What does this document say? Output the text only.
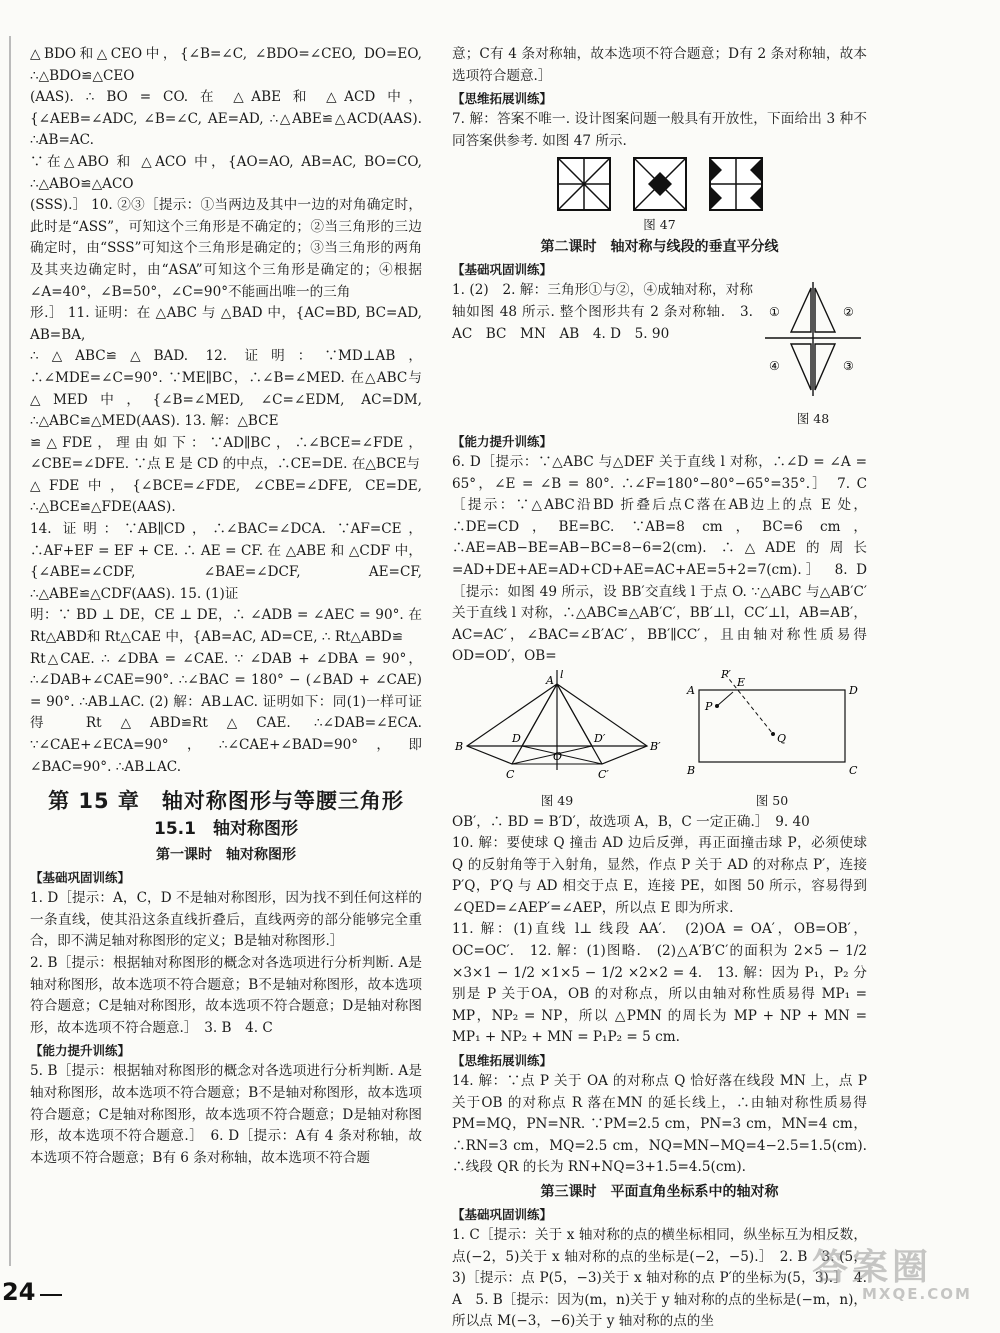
△BDO和△CEO中，{∠B=∠C, ∠BDO=∠CEO, DO=EO, ∴△BDO≌△CEO

(AAS). ∴ BO = CO. 在 △ABE 和 △ACD 中，{∠AEB=∠ADC, ∠B=∠C, AE=AD, ∴△ABE≌△ACD(AAS). ∴AB=AC.

∵在△ABO 和 △ACO 中，{AO=AO, AB=AC, BO=CO, ∴△ABO≌△ACO

(SSS).］ 10. ②③［提示：①当两边及其中一边的对角确定时，此时是“ASS”，可知这个三角形是不确定的；②当三角形的三边确定时，由“SSS”可知这个三角形是确定的；③当三角形的两角及其夹边确定时，由“ASA”可知这个三角形是确定的；④根据∠A=40°，∠B=50°，∠C=90°不能画出唯一的三角

形.］ 11. 证明：在 △ABC 与 △BAD 中，{AC=BD, BC=AD, AB=BA,

∴△ABC≌△BAD. 12. 证明：∵MD⊥AB，∴∠MDE=∠C=90°. ∵ME∥BC，∴∠B=∠MED. 在△ABC与△MED中，{∠B=∠MED, ∠C=∠EDM, AC=DM, ∴△ABC≌△MED(AAS). 13. 解：△BCE

≌△FDE，理由如下：∵AD∥BC，∴∠BCE=∠FDE，∠CBE=∠DFE. ∵点 E 是 CD 的中点，∴CE=DE. 在△BCE与

△FDE中，{∠BCE=∠FDE, ∠CBE=∠DFE, CE=DE, ∴△BCE≌△FDE(AAS).

14. 证明：∵AB∥CD，∴∠BAC=∠DCA. ∵AF=CE，∴AF+EF = EF + CE. ∴ AE = CF. 在 △ABE 和 △CDF 中，{∠ABE=∠CDF, ∠BAE=∠DCF, AE=CF, ∴△ABE≌△CDF(AAS). 15. (1)证

明：∵ BD ⊥ DE，CE ⊥ DE，∴ ∠ADB = ∠AEC = 90°. 在 Rt△ABD和 Rt△CAE 中，{AB=AC, AD=CE, ∴ Rt△ABD≌

Rt△CAE. ∴ ∠DBA = ∠CAE. ∵ ∠DAB + ∠DBA = 90°，∴∠DAB+∠CAE=90°. ∴∠BAC = 180° − (∠BAD + ∠CAE) = 90°. ∴AB⊥AC. (2) 解：AB⊥AC. 证明如下：同(1)一样可证得 Rt△ABD≌Rt△CAE. ∴∠DAB=∠ECA. ∵∠CAE+∠ECA=90°，∴∠CAE+∠BAD=90°，即∠BAC=90°. ∴AB⊥AC.

第 15 章　轴对称图形与等腰三角形
15.1　轴对称图形
第一课时　轴对称图形
【基础巩固训练】

1. D［提示：A，C，D 不是轴对称图形，因为找不到任何这样的一条直线，使其沿这条直线折叠后，直线两旁的部分能够完全重合，即不满足轴对称图形的定义；B是轴对称图形.］

2. B［提示：根据轴对称图形的概念对各选项进行分析判断. A是轴对称图形，故本选项不符合题意；B不是轴对称图形，故本选项符合题意；C是轴对称图形，故本选项不符合题意；D是轴对称图形，故本选项不符合题意.］　3. B　4. C

【能力提升训练】

5. B［提示：根据轴对称图形的概念对各选项进行分析判断. A是轴对称图形，故本选项不符合题意；B不是轴对称图形，故本选项符合题意；C是轴对称图形，故本选项不符合题意；D是轴对称图形，故本选项不符合题意.］　6. D［提示：A有 4 条对称轴，故本选项不符合题意；B有 6 条对称轴，故本选项不符合题

意；C有 4 条对称轴，故本选项不符合题意；D有 2 条对称轴，故本选项符合题意.］

【思维拓展训练】

7. 解：答案不唯一. 设计图案问题一般具有开放性，下面给出 3 种不同答案供参考. 如图 47 所示.

图 47
第二课时　轴对称与线段的垂直平分线
【基础巩固训练】

1. (2)　2. 解：三角形①与②，④成轴对称，对称轴如图 48 所示. 整个图形共有 2 条对称轴.　3. AC　BC　MN　AB　4. D　5. 90

①	②
④	③
图 48
【能力提升训练】

6. D［提示：∵△ABC 与△DEF 关于直线 l 对称，∴∠D = ∠A = 65°，∠E = ∠B = 80°. ∴∠F=180°−80°−65°=35°.］　7. C［提示：∵△ABC沿BD 折叠后点C落在AB边上的点 E 处，∴DE=CD，BE=BC. ∵AB=8 cm，BC=6 cm，∴AE=AB−BE=AB−BC=8−6=2(cm). ∴△ADE的周长=AD+DE+AE=AD+CD+AE=AC+AE=5+2=7(cm).］　8. D［提示：如图 49 所示，设 BB′交直线 l 于点 O. ∵△ABC 与△AB′C′关于直线 l 对称，∴△ABC≌△AB′C′，BB′⊥l，CC′⊥l，AB=AB′，AC=AC′，∠BAC=∠B′AC′，BB′∥CC′，且由轴对称性质易得 OD=OD′，OB=

l
A
B	B′
C	C′
D	D′
O
图 49
P′
E
A	D
P
Q
B	C
图 50

OB′，∴ BD = B′D′，故选项 A，B，C 一定正确.］　9. 40

10. 解：要使球 Q 撞击 AD 边后反弹，再正面撞击球 P，必须使球 Q 的反射角等于入射角，显然，作点 P 关于 AD 的对称点 P′，连接 P′Q，P′Q 与 AD 相交于点 E，连接 PE，如图 50 所示，容易得到∠QED=∠AEP′=∠AEP，所以点 E 即为所求.

11. 解：(1)直线 l⊥ 线段 AA′.　(2)OA = OA′，OB=OB′，OC=OC′.　12. 解：(1)图略.　(2)△A′B′C′的面积为 2×5 − 1/2 ×3×1 − 1/2 ×1×5 − 1/2 ×2×2 = 4.　13. 解：因为 P₁，P₂ 分别是 P 关于OA，OB 的对称点，所以由轴对称性质易得 MP₁ = MP，NP₂ = NP，所以 △PMN 的周长为 MP + NP + MN = MP₁ + NP₂ + MN = P₁P₂ = 5 cm.

【思维拓展训练】

14. 解：∵点 P 关于 OA 的对称点 Q 恰好落在线段 MN 上，点 P 关于OB 的对称点 R 落在MN 的延长线上，∴由轴对称性质易得 PM=MQ，PN=NR. ∵PM=2.5 cm，PN=3 cm，MN=4 cm，∴RN=3 cm，MQ=2.5 cm，NQ=MN−MQ=4−2.5=1.5(cm). ∴线段 QR 的长为 RN+NQ=3+1.5=4.5(cm).

第三课时　平面直角坐标系中的轴对称
【基础巩固训练】

1. C［提示：关于 x 轴对称的点的横坐标相同，纵坐标互为相反数，点(−2，5)关于 x 轴对称的点的坐标是(−2，−5).］　2. B　3. (5，3)［提示：点 P(5，−3)关于 x 轴对称的点 P′的坐标为(5，3).］　4. A　5. B［提示：因为(m，n)关于 y 轴对称的点的坐标是(−m，n)，所以点 M(−3，−6)关于 y 轴对称的点的坐

24
答案圈
MXQE.COM
